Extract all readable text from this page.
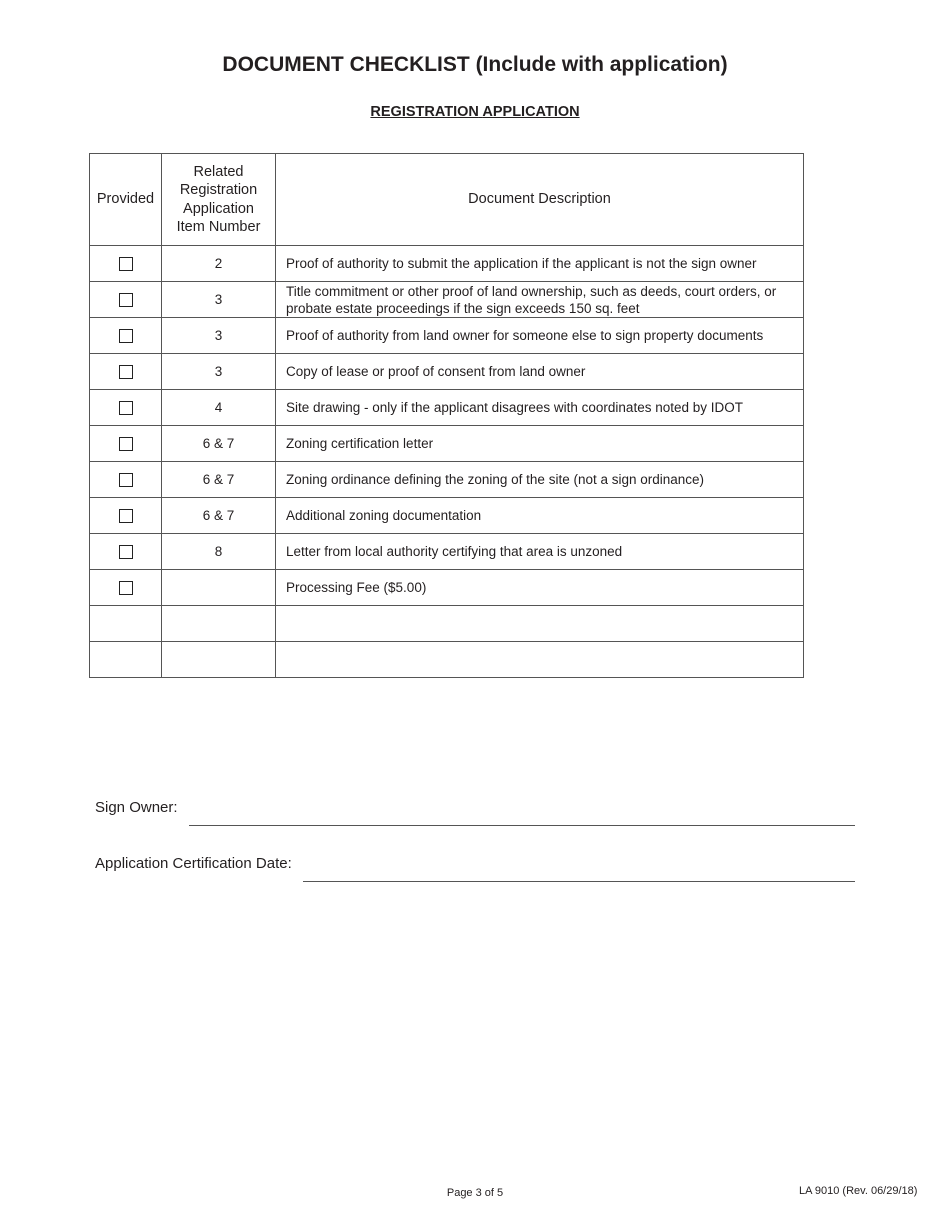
DOCUMENT CHECKLIST (Include with application)
REGISTRATION APPLICATION
Provided	Related
Registration
Application
Item Number	Document Description
	2	Proof of authority to submit the application if the applicant is not the sign owner
	3	Title commitment or other proof of land ownership, such as deeds, court orders, or probate estate proceedings if the sign exceeds 150 sq. feet
	3	Proof of authority from land owner for someone else to sign property documents
	3	Copy of lease or proof of consent from land owner
	4	Site drawing - only if the applicant disagrees with coordinates noted by IDOT
	6 & 7	Zoning certification letter
	6 & 7	Zoning ordinance defining the zoning of the site (not a sign ordinance)
	6 & 7	Additional zoning documentation
	8	Letter from local authority certifying that area is unzoned
		Processing Fee ($5.00)

Sign Owner:
Application Certification Date:
Page 3 of 5	LA 9010 (Rev. 06/29/18)
